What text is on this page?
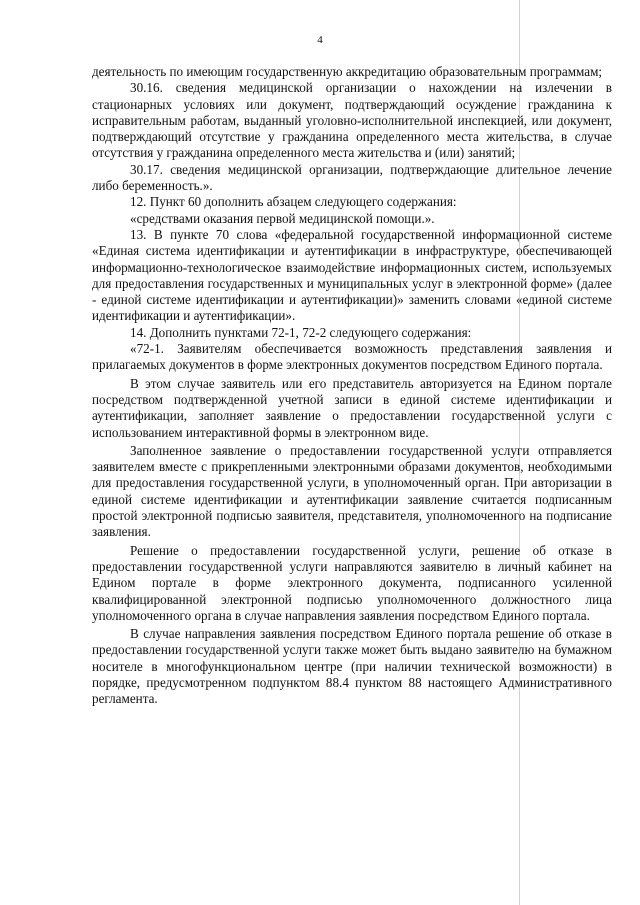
4

деятельность по имеющим государственную аккредитацию образовательным программам;

30.16. сведения медицинской организации о нахождении на излечении в стационарных условиях или документ, подтверждающий осуждение гражданина к исправительным работам, выданный уголовно-исполнительной инспекцией, или документ, подтверждающий отсутствие у гражданина определенного места жительства, в случае отсутствия у гражданина определенного места жительства и (или) занятий;

30.17. сведения медицинской организации, подтверждающие длительное лечение либо беременность.».

12. Пункт 60 дополнить абзацем следующего содержания:

«средствами оказания первой медицинской помощи.».

13. В пункте 70 слова «федеральной государственной информационной системе «Единая система идентификации и аутентификации в инфраструктуре, обеспечивающей информационно-технологическое взаимодействие информационных систем, используемых для предоставления государственных и муниципальных услуг в электронной форме» (далее - единой системе идентификации и аутентификации)» заменить словами «единой системе идентификации и аутентификации».

14. Дополнить пунктами 72-1, 72-2 следующего содержания:

«72-1. Заявителям обеспечивается возможность представления заявления и прилагаемых документов в форме электронных документов посредством Единого портала.

В этом случае заявитель или его представитель авторизуется на Едином портале посредством подтвержденной учетной записи в единой системе идентификации и аутентификации, заполняет заявление о предоставлении государственной услуги с использованием интерактивной формы в электронном виде.

Заполненное заявление о предоставлении государственной услуги отправляется заявителем вместе с прикрепленными электронными образами документов, необходимыми для предоставления государственной услуги, в уполномоченный орган. При авторизации в единой системе идентификации и аутентификации заявление считается подписанным простой электронной подписью заявителя, представителя, уполномоченного на подписание заявления.

Решение о предоставлении государственной услуги, решение об отказе в предоставлении государственной услуги направляются заявителю в личный кабинет на Едином портале в форме электронного документа, подписанного усиленной квалифицированной электронной подписью уполномоченного должностного лица уполномоченного органа в случае направления заявления посредством Единого портала.

В случае направления заявления посредством Единого портала решение об отказе в предоставлении государственной услуги также может быть выдано заявителю на бумажном носителе в многофункциональном центре (при наличии технической возможности) в порядке, предусмотренном подпунктом 88.4 пунктом 88 настоящего Административного регламента.
